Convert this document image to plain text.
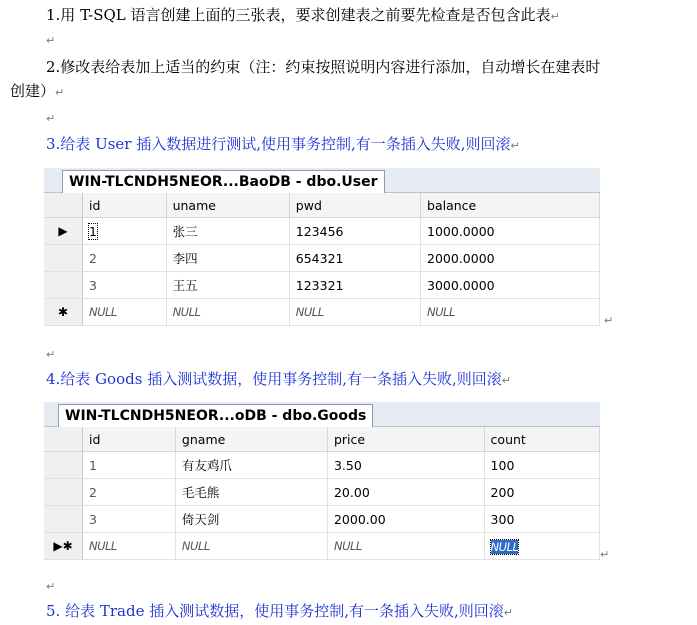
1.用 T-SQL 语言创建上面的三张表，要求创建表之前要先检查是否包含此表↵
↵
2.修改表给表加上适当的约束（注：约束按照说明内容进行添加，自动增长在建表时
创建）↵
↵
3.给表 User 插入数据进行测试,使用事务控制,有一条插入失败,则回滚↵
WIN-TLCNDH5NEOR...BaoDB - dbo.User
	id	uname	pwd	balance
▶	1	张三	123456	1000.0000
	2	李四	654321	2000.0000
	3	王五	123321	3000.0000
✱	NULL	NULL	NULL	NULL
↵
↵
4.给表 Goods 插入测试数据，使用事务控制,有一条插入失败,则回滚↵
WIN-TLCNDH5NEOR...oDB - dbo.Goods
	id	gname	price	count
	1	有友鸡爪	3.50	100
	2	毛毛熊	20.00	200
	3	倚天剑	2000.00	300
▶✱	NULL	NULL	NULL	NULL
↵
↵
5. 给表 Trade 插入测试数据，使用事务控制,有一条插入失败,则回滚↵
